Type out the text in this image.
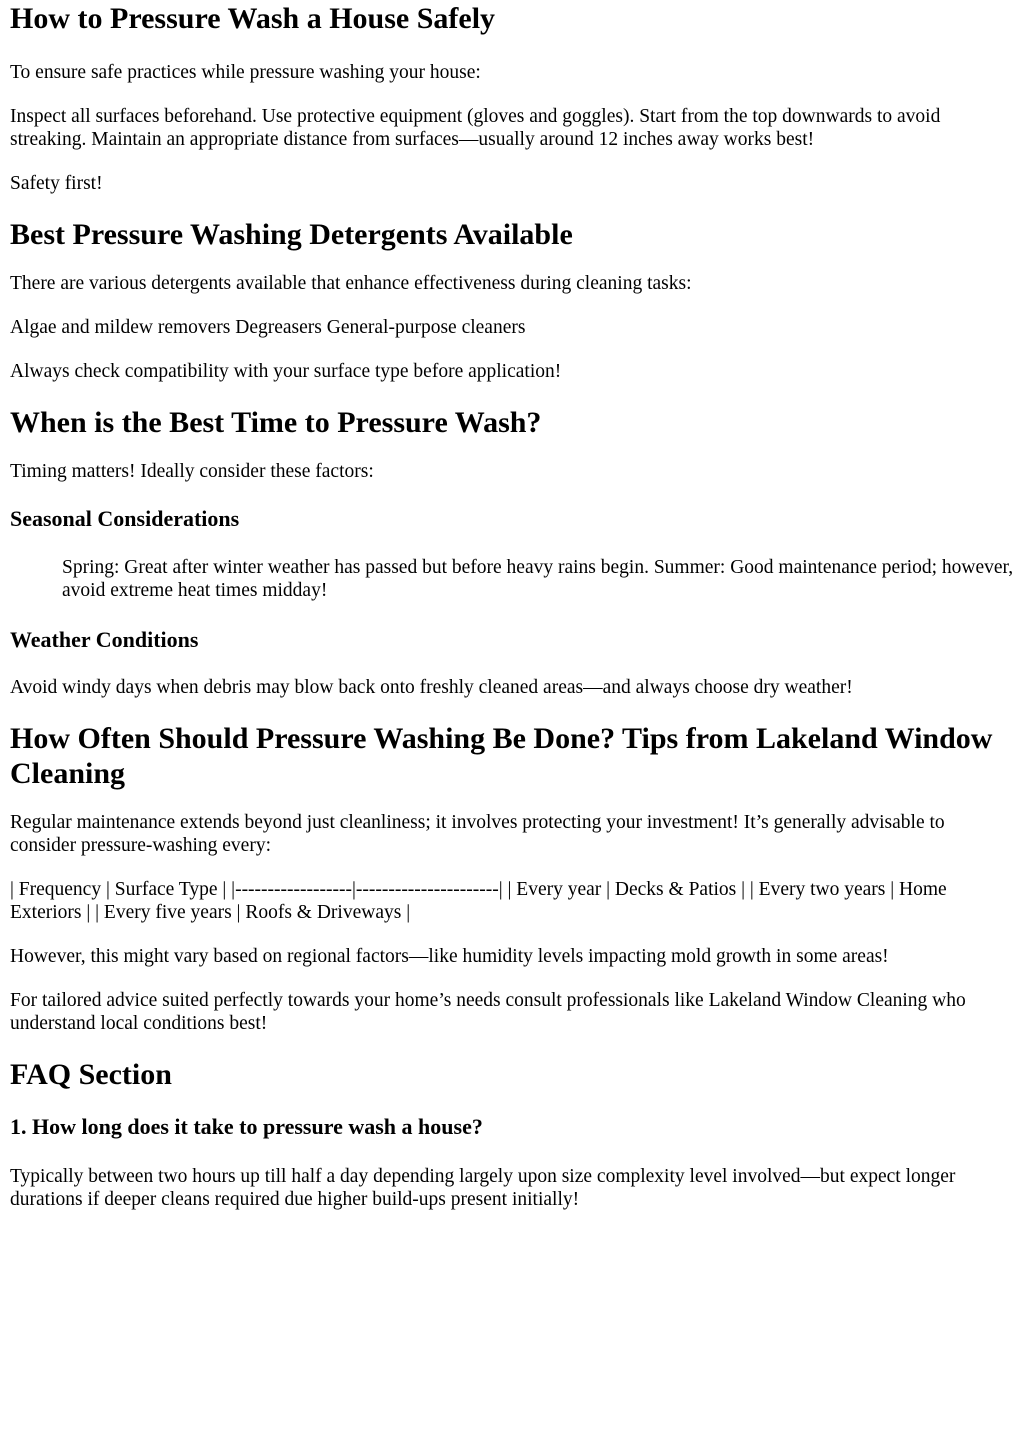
How to Pressure Wash a House Safely

To ensure safe practices while pressure washing your house:

Inspect all surfaces beforehand. Use protective equipment (gloves and goggles). Start from the top downwards to avoid streaking. Maintain an appropriate distance from surfaces—usually around 12 inches away works best!

Safety first!

Best Pressure Washing Detergents Available

There are various detergents available that enhance effectiveness during cleaning tasks:

Algae and mildew removers Degreasers General-purpose cleaners

Always check compatibility with your surface type before application!

When is the Best Time to Pressure Wash?

Timing matters! Ideally consider these factors:

Seasonal Considerations

Spring: Great after winter weather has passed but before heavy rains begin. Summer: Good maintenance period; however, avoid extreme heat times midday!

Weather Conditions

Avoid windy days when debris may blow back onto freshly cleaned areas—and always choose dry weather!

How Often Should Pressure Washing Be Done? Tips from Lakeland Window Cleaning

Regular maintenance extends beyond just cleanliness; it involves protecting your investment! It’s generally advisable to consider pressure-washing every:

| Frequency | Surface Type | |------------------|----------------------| | Every year | Decks & Patios | | Every two years | Home Exteriors | | Every five years | Roofs & Driveways |

However, this might vary based on regional factors—like humidity levels impacting mold growth in some areas!

For tailored advice suited perfectly towards your home’s needs consult professionals like Lakeland Window Cleaning who understand local conditions best!

FAQ Section
1. How long does it take to pressure wash a house?

Typically between two hours up till half a day depending largely upon size complexity level involved—but expect longer durations if deeper cleans required due higher build-ups present initially!
